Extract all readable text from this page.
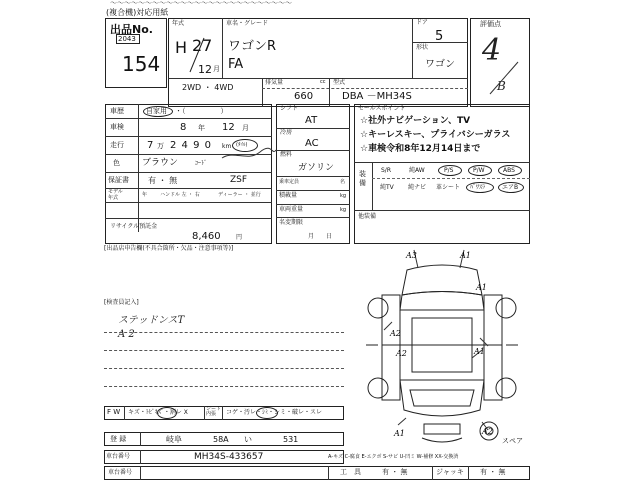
〜〜〜〜〜〜〜〜〜〜〜〜〜〜〜〜〜〜〜〜〜〜〜〜〜〜
(複合機)対応用紙
出品No.
2043
154
年式
H 27
12 月
車名・グレード
ワゴンR
FA
2WD ・ 4WD
ドア
5
形状
ワゴン
排気量	cc
660
型式
DBA －MH34S
評価点
4
B
車歴	自家用 ・（　　　　　）
車検	8 年 12 月
走行 7 万 2 4 9 0 km (ﾀｲﾙ)
色 ブラウン	ｺｰﾄﾞ
保証書 有 ・ 無	ZSF
モデル
年式	年	ハンドル 左 ・ 右	ディーラー ・ 並行
リサイクル預託金
8,460	円
[出品店申告欄(不具合箇所・欠品・注意事項等)]
シフト
AT
冷房
AC
燃料
ガソリン
乗車定員	名
積載量	kg
車両重量	kg
名変期限
月　　日
セールスポイント
☆社外ナビゲーション、TV
☆キーレスキー、プライバシーガラス
☆車検令和8年12月14日まで
装備
他装備
S/R	純AW	P/S	P/W	ABS
純TV 純ナビ 革シート ﾊﾟﾜｽﾗ	エアB
[検査員記入]
ステッドンスT
A 2
A3	A1
A1
A2
A1
A2
A1	A2
スペア
A-キズ C-腐食 E-エクボ S-サビ U-凹ミ W-補修 XX-交換済
F W キズ・ﾄﾋﾞｷｽﾞ・割レ X	シート
内張	コゲ・汚レ・ｼﾐ・シミ・破レ・スレ
登 録	岐阜	58A い	531
車台番号	MH34S-433657
車台番号	工　具	有 ・ 無	ジャッキ 有 ・ 無
